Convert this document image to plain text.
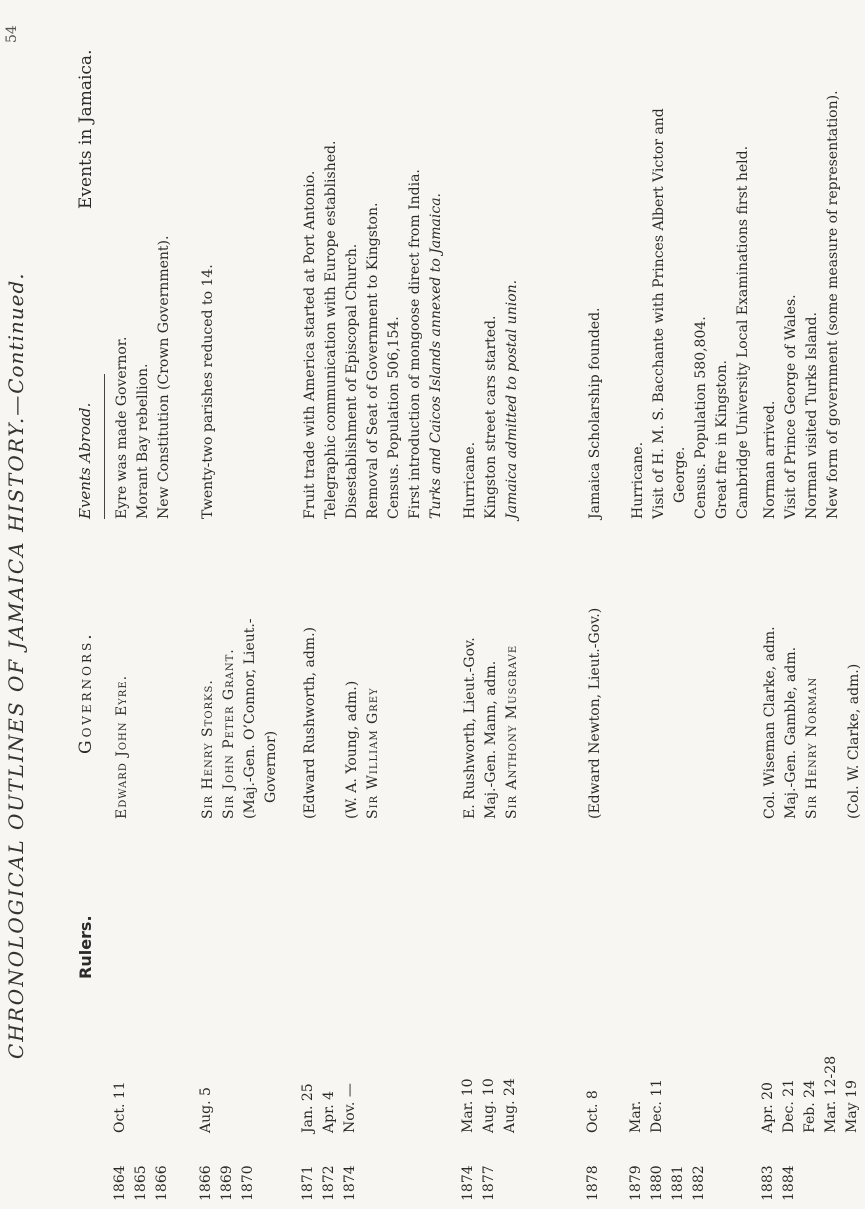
54
CHRONOLOGICAL OUTLINES OF JAMAICA HISTORY.—Continued.
Rulers.
Governors.
Events Abroad.
Events in Jamaica.
1864 1865 1866
Oct. 11
Edward John Eyre.
Eyre was made Governor. Morant Bay rebellion. New Constitution (Crown Government).
1866 1869 1870
Aug. 5
Sir Henry Storks. Sir John Peter Grant. (Maj.-Gen. O’Connor, Lieut.- Governor)
Twenty-two parishes reduced to 14.
1871 1872 1874
Jan. 25 Apr. 4 Nov. —
(Edward Rushworth, adm.)
(W. A. Young, adm.) Sir William Grey
Fruit trade with America started at Port Antonio. Telegraphic communication with Europe established. Disestablishment of Episcopal Church. Removal of Seat of Government to Kingston. Census. Population 506,154. First introduction of mongoose direct from India. Turks and Caicos Islands annexed to Jamaica.
1874 1877
Mar. 10 Aug. 10 Aug. 24
E. Rushworth, Lieut.-Gov. Maj.-Gen. Mann, adm. Sir Anthony Musgrave
Hurricane. Kingston street cars started. Jamaica admitted to postal union.
1878
Oct. 8
(Edward Newton, Lieut.-Gov.)
Jamaica Scholarship founded.
1879 1880 1881 1882
Mar. Dec. 11
Hurricane. Visit of H. M. S. Bacchante with Princes Albert Victor and George. Census. Population 580,804. Great fire in Kingston. Cambridge University Local Examinations first held.
1883 1884
Apr. 20 Dec. 21 Feb. 24 Mar. 12-28 May 19
Col. Wiseman Clarke, adm. Maj.-Gen. Gamble, adm. Sir Henry Norman
(Col. W. Clarke, adm.)
Norman arrived. Visit of Prince George of Wales. Norman visited Turks Island. New form of government (some measure of representation).
